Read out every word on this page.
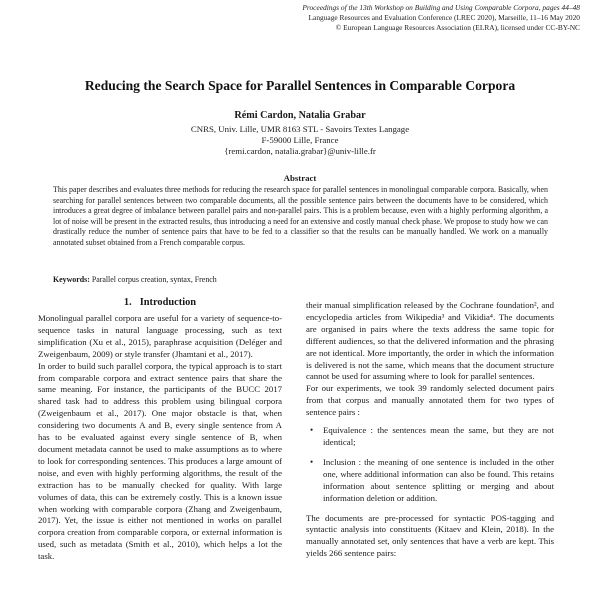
Proceedings of the 13th Workshop on Building and Using Comparable Corpora, pages 44–48
Language Resources and Evaluation Conference (LREC 2020), Marseille, 11–16 May 2020
© European Language Resources Association (ELRA), licensed under CC-BY-NC
Reducing the Search Space for Parallel Sentences in Comparable Corpora
Rémi Cardon, Natalia Grabar
CNRS, Univ. Lille, UMR 8163 STL - Savoirs Textes Langage
F-59000 Lille, France
{remi.cardon, natalia.grabar}@univ-lille.fr
Abstract

This paper describes and evaluates three methods for reducing the research space for parallel sentences in monolingual comparable corpora. Basically, when searching for parallel sentences between two comparable documents, all the possible sentence pairs between the documents have to be considered, which introduces a great degree of imbalance between parallel pairs and non-parallel pairs. This is a problem because, even with a highly performing algorithm, a lot of noise will be present in the extracted results, thus introducing a need for an extensive and costly manual check phase. We propose to study how we can drastically reduce the number of sentence pairs that have to be fed to a classifier so that the results can be manually handled. We work on a manually annotated subset obtained from a French comparable corpus.

Keywords: Parallel corpus creation, syntax, French

1. Introduction

Monolingual parallel corpora are useful for a variety of sequence-to-sequence tasks in natural language processing, such as text simplification (Xu et al., 2015), paraphrase acquisition (Deléger and Zweigenbaum, 2009) or style transfer (Jhamtani et al., 2017).

In order to build such parallel corpora, the typical approach is to start from comparable corpora and extract sentence pairs that share the same meaning. For instance, the participants of the BUCC 2017 shared task had to address this problem using bilingual corpora (Zweigenbaum et al., 2017). One major obstacle is that, when considering two documents A and B, every single sentence from A has to be evaluated against every single sentence of B, when document metadata cannot be used to make assumptions as to where to look for corresponding sentences. This produces a large amount of noise, and even with highly performing algorithms, the result of the extraction has to be manually checked for quality. With large volumes of data, this can be extremely costly. This is a known issue when working with comparable corpora (Zhang and Zweigenbaum, 2017). Yet, the issue is either not mentioned in works on parallel corpora creation from comparable corpora, or external information is used, such as metadata (Smith et al., 2010), which helps a lot the task.

their manual simplification released by the Cochrane foundation², and encyclopedia articles from Wikipedia³ and Vikidia⁴. The documents are organised in pairs where the texts address the same topic for different audiences, so that the delivered information and the phrasing are not identical. More importantly, the order in which the information is delivered is not the same, which means that the document structure cannot be used for assuming where to look for parallel sentences.

For our experiments, we took 39 randomly selected document pairs from that corpus and manually annotated them for two types of sentence pairs :

• Equivalence : the sentences mean the same, but they are not identical;
• Inclusion : the meaning of one sentence is included in the other one, where additional information can also be found. This retains information about sentence splitting or merging and about information deletion or addition.

The documents are pre-processed for syntactic POS-tagging and syntactic analysis into constituents (Kitaev and Klein, 2018). In the manually annotated set, only sentences that have a verb are kept. This yields 266 sentence pairs:
